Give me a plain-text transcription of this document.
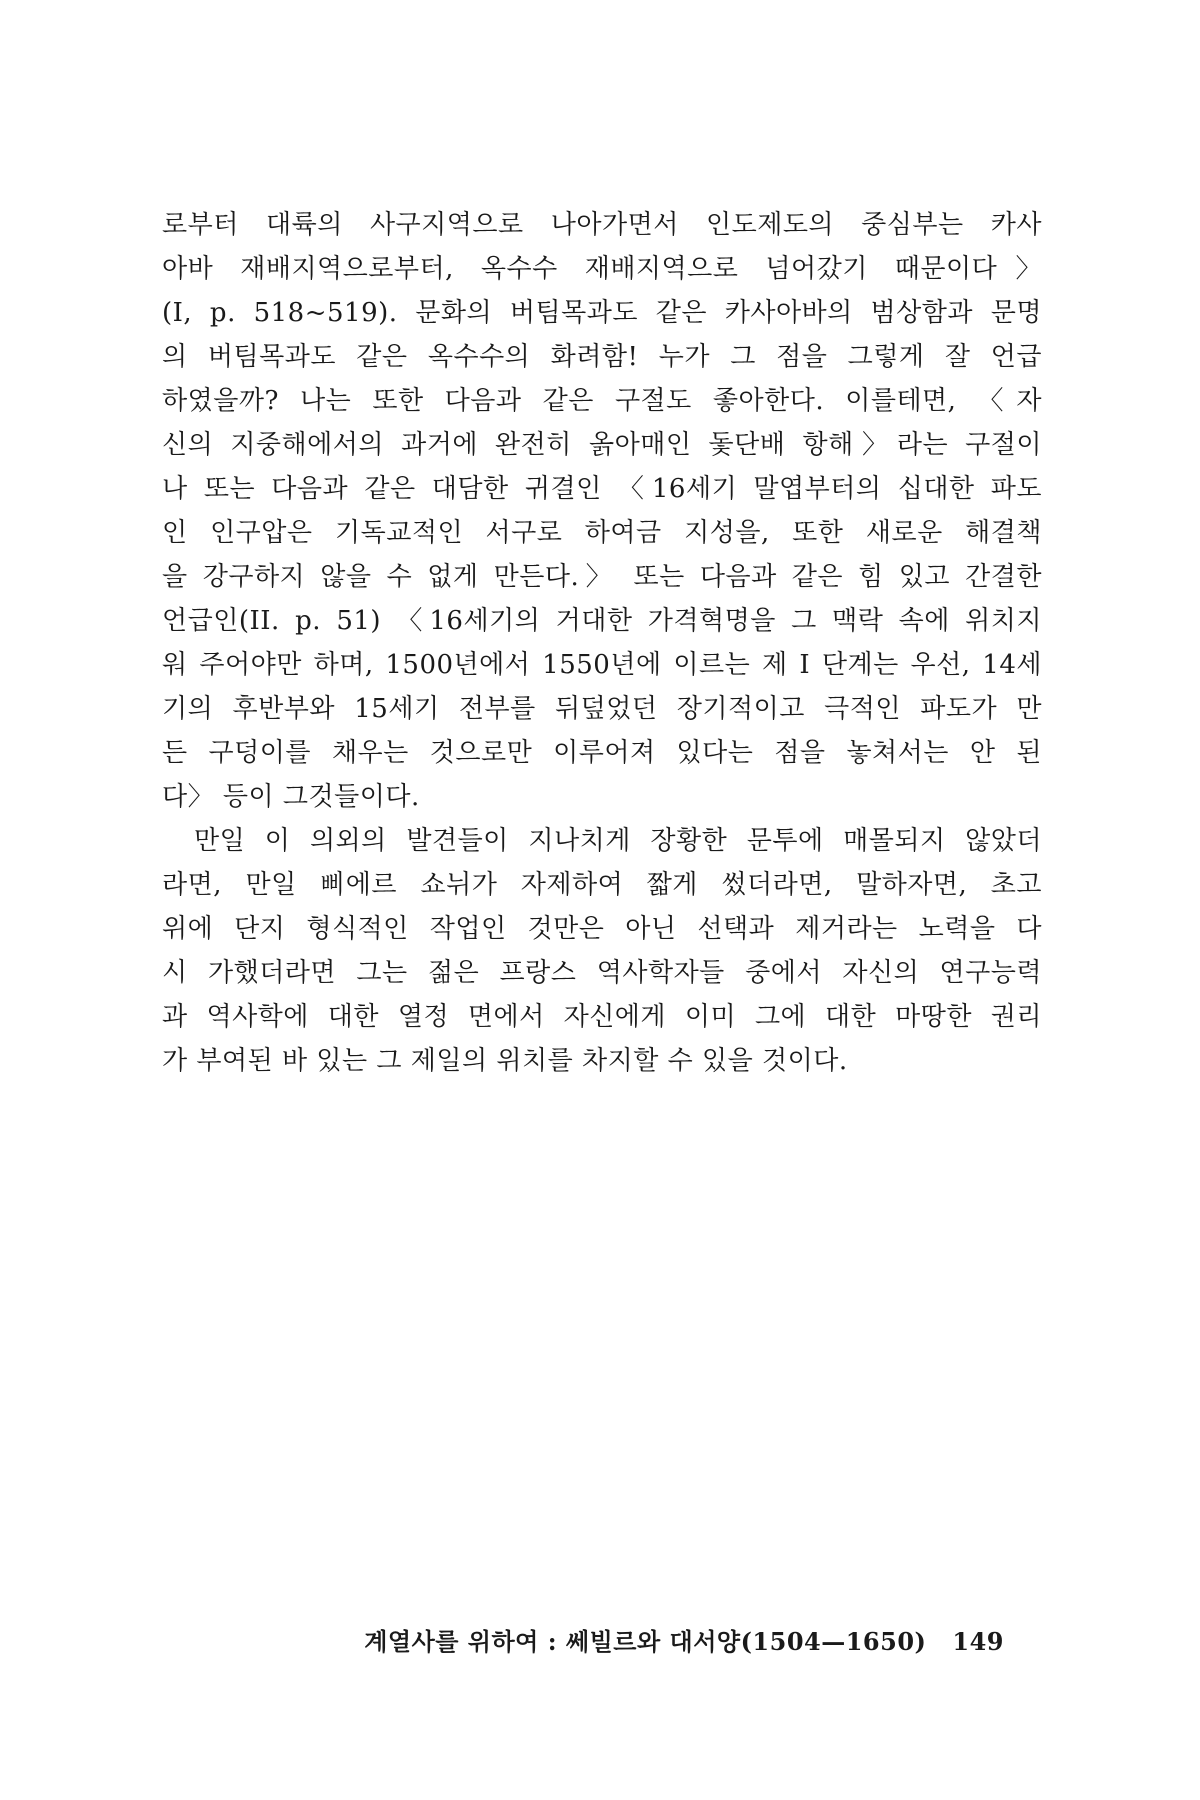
로부터 대륙의 사구지역으로 나아가면서 인도제도의 중심부는 카사
아바 재배지역으로부터, 옥수수 재배지역으로 넘어갔기 때문이다〉
(I, p. 518~519). 문화의 버팀목과도 같은 카사아바의 범상함과 문명
의 버팀목과도 같은 옥수수의 화려함! 누가 그 점을 그렇게 잘 언급
하였을까? 나는 또한 다음과 같은 구절도 좋아한다. 이를테면, 〈자
신의 지중해에서의 과거에 완전히 옭아매인 돛단배 항해〉라는 구절이
나 또는 다음과 같은 대담한 귀결인 〈16세기 말엽부터의 십대한 파도
인 인구압은 기독교적인 서구로 하여금 지성을, 또한 새로운 해결책
을 강구하지 않을 수 없게 만든다.〉 또는 다음과 같은 힘 있고 간결한
언급인(II. p. 51) 〈16세기의 거대한 가격혁명을 그 맥락 속에 위치지
워 주어야만 하며, 1500년에서 1550년에 이르는 제 I 단계는 우선, 14세
기의 후반부와 15세기 전부를 뒤덮었던 장기적이고 극적인 파도가 만
든 구덩이를 채우는 것으로만 이루어져 있다는 점을 놓쳐서는 안 된
다〉 등이 그것들이다.
만일 이 의외의 발견들이 지나치게 장황한 문투에 매몰되지 않았더
라면, 만일 삐에르 쇼뉘가 자제하여 짧게 썼더라면, 말하자면, 초고
위에 단지 형식적인 작업인 것만은 아닌 선택과 제거라는 노력을 다
시 가했더라면 그는 젊은 프랑스 역사학자들 중에서 자신의 연구능력
과 역사학에 대한 열정 면에서 자신에게 이미 그에 대한 마땅한 권리
가 부여된 바 있는 그 제일의 위치를 차지할 수 있을 것이다.
계열사를 위하여 : 쎄빌르와 대서양(1504—1650) 149
